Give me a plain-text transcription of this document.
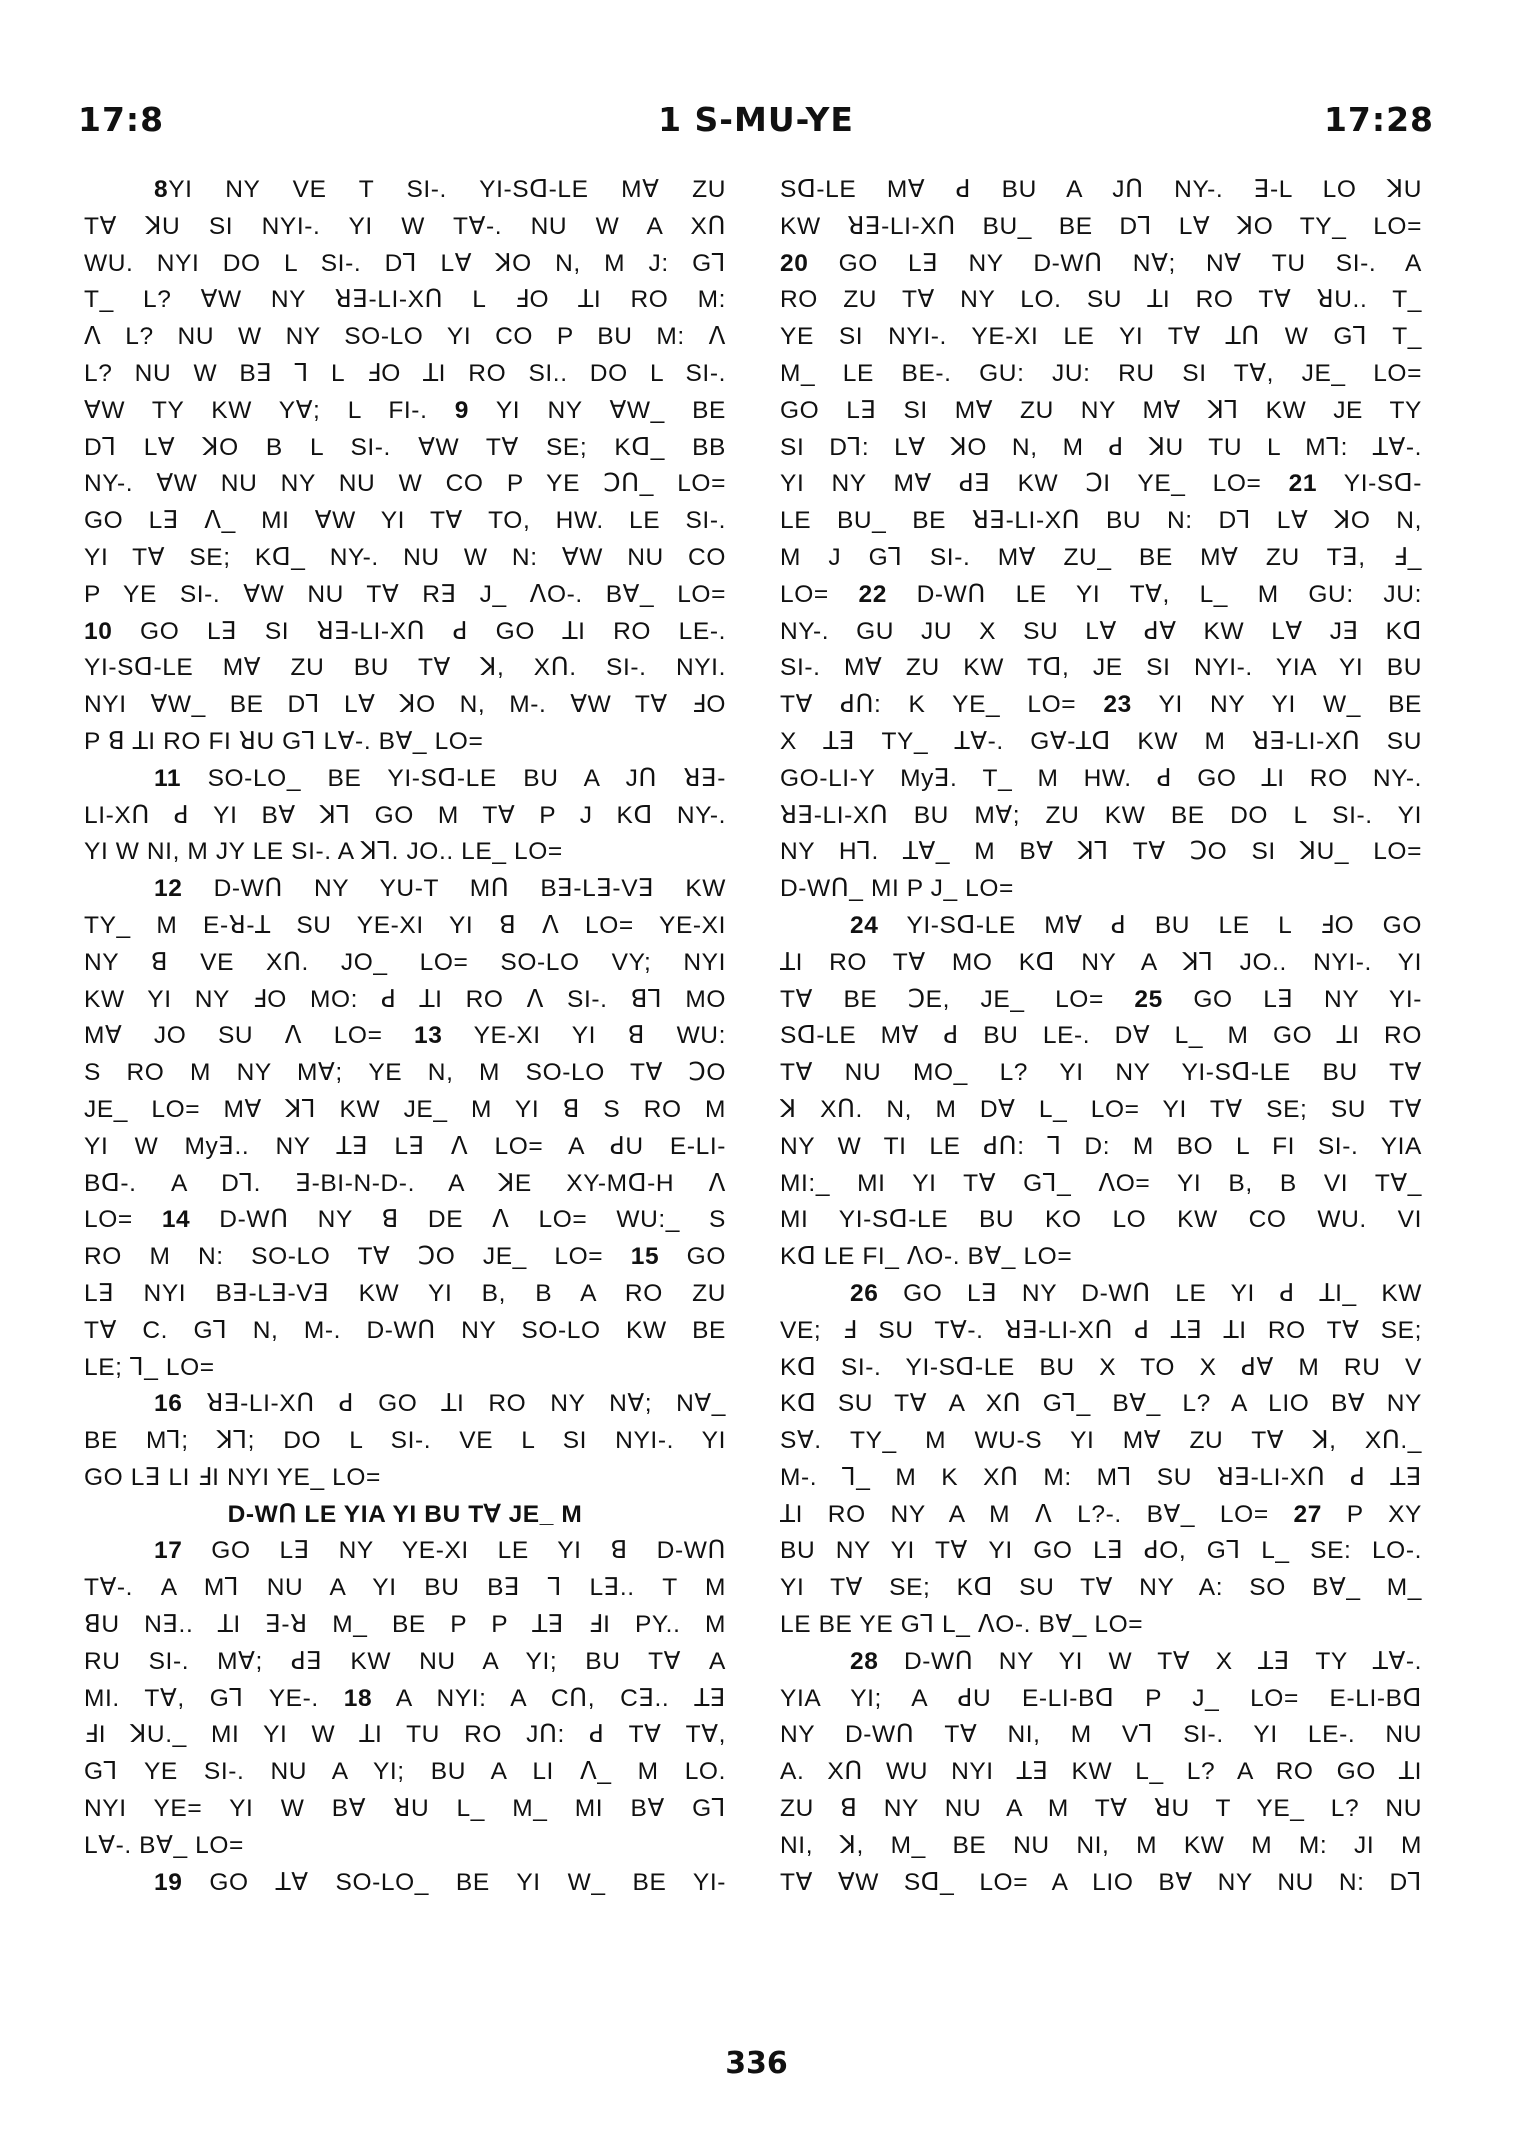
17:8	1 S-MU-YE	17:28
8YI NY VE T SI-. YI-Sꓷ-LE Mꓯ ZU
Tꓯ ꓘU SI NYI-. YI W Tꓯ-. NU W A Xꓵ
WU. NYI DO L SI-. Dꓶ Lꓯ ꓘO N, M J: Gꓶ
T_ L? ꓯW NY ꓤꓱ-LI-Xꓵ L ꓞO ꓕI RO M:
ꓥ L? NU W NY SO-LO YI CO P BU M: ꓥ
L? NU W Bꓱ ꓶ L ꓞO ꓕI RO SI.. DO L SI-.
ꓯW TY KW Yꓯ; L FI-. 9 YI NY ꓯW_ BE
Dꓶ Lꓯ ꓘO B L SI-. ꓯW Tꓯ SE; Kꓷ_ BB
NY-. ꓯW NU NY NU W CO P YE ꓛꓵ_ LO=
GO Lꓱ ꓥ_ MI ꓯW YI Tꓯ TO, HW. LE SI-.
YI Tꓯ SE; Kꓷ_ NY-. NU W N: ꓯW NU CO
P YE SI-. ꓯW NU Tꓯ Rꓱ J_ ꓥO-. Bꓯ_ LO=
10 GO Lꓱ SI ꓤꓱ-LI-Xꓵ ꓒ GO ꓕI RO LE-.
YI-Sꓷ-LE Mꓯ ZU BU Tꓯ ꓘ, Xꓵ. SI-. NYI.
NYI ꓯW_ BE Dꓶ Lꓯ ꓘO N, M-. ꓯW Tꓯ ꓞO
P ꓭ ꓕI RO FI ꓤU Gꓶ Lꓯ-. Bꓯ_ LO=
11 SO-LO_ BE YI-Sꓷ-LE BU A Jꓵ ꓤꓱ-
LI-Xꓵ ꓒ YI Bꓯ ꓘꓶ GO M Tꓯ P J Kꓷ NY-.
YI W NI, M JY LE SI-. A ꓘꓶ. JO.. LE_ LO=
12 D-Wꓵ NY YU-T Mꓵ Bꓱ-Lꓱ-Vꓱ KW
TY_ M E-ꓤ-ꓕ SU YE-XI YI ꓭ ꓥ LO= YE-XI
NY ꓭ VE Xꓵ. JO_ LO= SO-LO VY; NYI
KW YI NY ꓞO MO: ꓒ ꓕI RO ꓥ SI-. ꓭꓶ MO
Mꓯ JO SU ꓥ LO= 13 YE-XI YI ꓭ WU:
S RO M NY Mꓯ; YE N, M SO-LO Tꓯ ꓛO
JE_ LO= Mꓯ ꓘꓶ KW JE_ M YI ꓭ S RO M
YI W Myꓱ.. NY ꓕꓱ Lꓱ ꓥ LO= A ꓒU E-LI-
Bꓷ-. A Dꓶ. ꓱ-BI-N-D-. A ꓘE XY-Mꓷ-H ꓥ
LO= 14 D-Wꓵ NY ꓭ DE ꓥ LO= WU:_ S
RO M N: SO-LO Tꓯ ꓛO JE_ LO= 15 GO
Lꓱ NYI Bꓱ-Lꓱ-Vꓱ KW YI B, B A RO ZU
Tꓯ C. Gꓶ N, M-. D-Wꓵ NY SO-LO KW BE
LE; ꓶ_ LO=
16 ꓤꓱ-LI-Xꓵ ꓒ GO ꓕI RO NY Nꓯ; Nꓯ_
BE Mꓶ; ꓘꓶ; DO L SI-. VE L SI NYI-. YI
GO Lꓱ LI ꓞI NYI YE_ LO=
D-Wꓵ LE YIA YI BU Tꓯ JE_ M
17 GO Lꓱ NY YE-XI LE YI ꓭ D-Wꓵ
Tꓯ-. A Mꓶ NU A YI BU Bꓱ ꓶ Lꓱ.. T M
ꓭU Nꓱ.. ꓕI ꓱ-ꓤ M_ BE P P ꓕꓱ ꓞI PY.. M
RU SI-. Mꓯ; ꓒꓱ KW NU A YI; BU Tꓯ A
MI. Tꓯ, Gꓶ YE-. 18 A NYI: A Cꓵ, Cꓱ.. ꓕꓱ
ꓞI ꓘU._ MI YI W ꓕI TU RO Jꓵ: ꓒ Tꓯ Tꓯ,
Gꓶ YE SI-. NU A YI; BU A LI ꓥ_ M LO.
NYI YE= YI W Bꓯ ꓤU L_ M_ MI Bꓯ Gꓶ
Lꓯ-. Bꓯ_ LO=
19 GO ꓕꓯ SO-LO_ BE YI W_ BE YI-
Sꓷ-LE Mꓯ ꓒ BU A Jꓵ NY-. ꓱ-L LO ꓘU
KW ꓤꓱ-LI-Xꓵ BU_ BE Dꓶ Lꓯ ꓘO TY_ LO=
20 GO Lꓱ NY D-Wꓵ Nꓯ; Nꓯ TU SI-. A
RO ZU Tꓯ NY LO. SU ꓕI RO Tꓯ ꓤU.. T_
YE SI NYI-. YE-XI LE YI Tꓯ ꓕꓵ W Gꓶ T_
M_ LE BE-. GU: JU: RU SI Tꓯ, JE_ LO=
GO Lꓱ SI Mꓯ ZU NY Mꓯ ꓘꓶ KW JE TY
SI Dꓶ: Lꓯ ꓘO N, M ꓒ ꓘU TU L Mꓶ: ꓕꓯ-.
YI NY Mꓯ ꓒꓱ KW ꓛI YE_ LO= 21 YI-Sꓷ-
LE BU_ BE ꓤꓱ-LI-Xꓵ BU N: Dꓶ Lꓯ ꓘO N,
M J Gꓶ SI-. Mꓯ ZU_ BE Mꓯ ZU Tꓱ, ꓞ_
LO= 22 D-Wꓵ LE YI Tꓯ, L_ M GU: JU:
NY-. GU JU X SU Lꓯ ꓒꓯ KW Lꓯ Jꓱ Kꓷ
SI-. Mꓯ ZU KW Tꓷ, JE SI NYI-. YIA YI BU
Tꓯ ꓒꓵ: K YE_ LO= 23 YI NY YI W_ BE
X ꓕꓱ TY_ ꓕꓯ-. Gꓯ-ꓕꓷ KW M ꓤꓱ-LI-Xꓵ SU
GO-LI-Y Myꓱ. T_ M HW. ꓒ GO ꓕI RO NY-.
ꓤꓱ-LI-Xꓵ BU Mꓯ; ZU KW BE DO L SI-. YI
NY Hꓶ. ꓕꓯ_ M Bꓯ ꓘꓶ Tꓯ ꓛO SI ꓘU_ LO=
D-Wꓵ_ MI P J_ LO=
24 YI-Sꓷ-LE Mꓯ ꓒ BU LE L ꓞO GO
ꓕI RO Tꓯ MO Kꓷ NY A ꓘꓶ JO.. NYI-. YI
Tꓯ BE ꓛE, JE_ LO= 25 GO Lꓱ NY YI-
Sꓷ-LE Mꓯ ꓒ BU LE-. Dꓯ L_ M GO ꓕI RO
Tꓯ NU MO_ L? YI NY YI-Sꓷ-LE BU Tꓯ
ꓘ Xꓵ. N, M Dꓯ L_ LO= YI Tꓯ SE; SU Tꓯ
NY W TI LE ꓒꓵ: ꓶ D: M BO L FI SI-. YIA
MI:_ MI YI Tꓯ Gꓶ_ ꓥO= YI B, B VI Tꓯ_
MI YI-Sꓷ-LE BU KO LO KW CO WU. VI
Kꓷ LE FI_ ꓥO-. Bꓯ_ LO=
26 GO Lꓱ NY D-Wꓵ LE YI ꓒ ꓕI_ KW
VE; ꓞ SU Tꓯ-. ꓤꓱ-LI-Xꓵ ꓒ ꓕꓱ ꓕI RO Tꓯ SE;
Kꓷ SI-. YI-Sꓷ-LE BU X TO X ꓒꓯ M RU V
Kꓷ SU Tꓯ A Xꓵ Gꓶ_ Bꓯ_ L? A LIO Bꓯ NY
Sꓯ. TY_ M WU-S YI Mꓯ ZU Tꓯ ꓘ, Xꓵ._
M-. ꓶ_ M K Xꓵ M: Mꓶ SU ꓤꓱ-LI-Xꓵ ꓒ ꓕꓱ
ꓕI RO NY A M ꓥ L?-. Bꓯ_ LO= 27 P XY
BU NY YI Tꓯ YI GO Lꓱ ꓒO, Gꓶ L_ SE: LO-.
YI Tꓯ SE; Kꓷ SU Tꓯ NY A: SO Bꓯ_ M_
LE BE YE Gꓶ L_ ꓥO-. Bꓯ_ LO=
28 D-Wꓵ NY YI W Tꓯ X ꓕꓱ TY ꓕꓯ-.
YIA YI; A ꓒU E-LI-Bꓷ P J_ LO= E-LI-Bꓷ
NY D-Wꓵ Tꓯ NI, M Vꓶ SI-. YI LE-. NU
A. Xꓵ WU NYI ꓕꓱ KW L_ L? A RO GO ꓕI
ZU ꓭ NY NU A M Tꓯ ꓤU T YE_ L? NU
NI, ꓘ, M_ BE NU NI, M KW M M: JI M
Tꓯ ꓯW Sꓷ_ LO= A LIO Bꓯ NY NU N: Dꓶ
336
